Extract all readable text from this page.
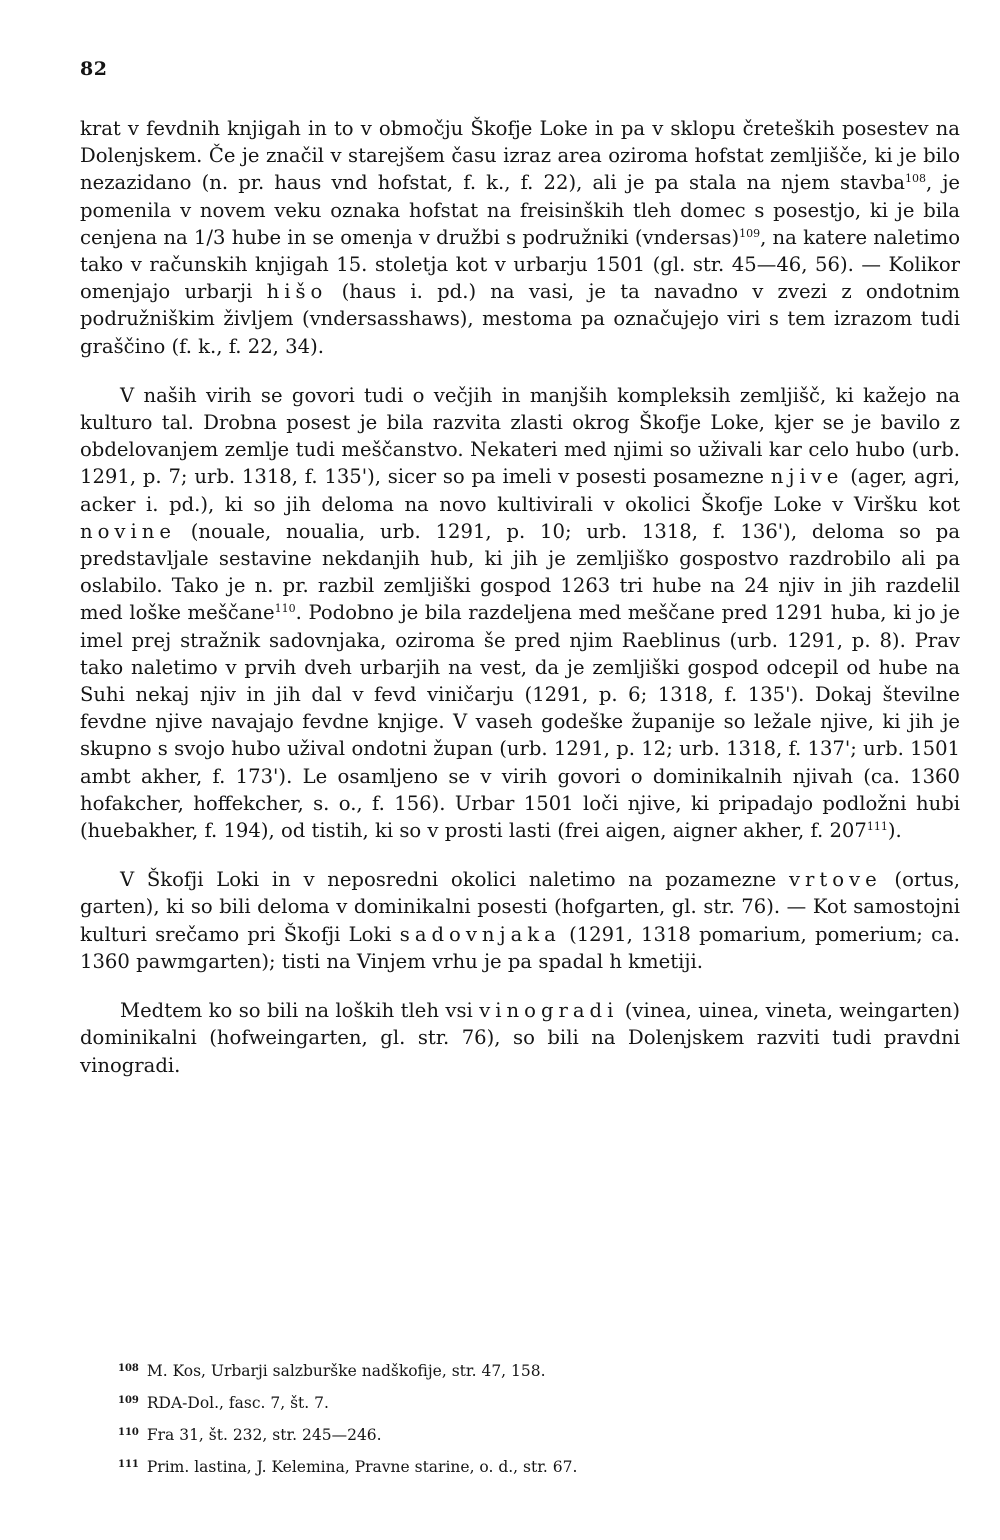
82

krat v fevdnih knjigah in to v območju Škofje Loke in pa v sklopu čreteških posestev na Dolenjskem. Če je značil v starejšem času izraz area oziroma hofstat zemljišče, ki je bilo nezazidano (n. pr. haus vnd hofstat, f. k., f. 22), ali je pa stala na njem stavba$^{108}$, je pomenila v novem veku oznaka hofstat na freisinških tleh domec s posestjo, ki je bila cenjena na 1/3 hube in se omenja v družbi s podružniki (vndersas)$^{109}$, na katere naletimo tako v računskih knjigah 15. stoletja kot v urbarju 1501 (gl. str. 45—46, 56). — Kolikor omenjajo urbarji hišo (haus i. pd.) na vasi, je ta navadno v zvezi z ondotnim podružniškim življem (vndersasshaws), mestoma pa označujejo viri s tem izrazom tudi graščino (f. k., f. 22, 34).

V naših virih se govori tudi o večjih in manjših kompleksih zemljišč, ki kažejo na kulturo tal. Drobna posest je bila razvita zlasti okrog Škofje Loke, kjer se je bavilo z obdelovanjem zemlje tudi meščanstvo. Nekateri med njimi so uživali kar celo hubo (urb. 1291, p. 7; urb. 1318, f. 135'), sicer so pa imeli v posesti posamezne njive (ager, agri, acker i. pd.), ki so jih deloma na novo kultivirali v okolici Škofje Loke v Viršku kot novine (nouale, noualia, urb. 1291, p. 10; urb. 1318, f. 136'), deloma so pa predstavljale sestavine nekdanjih hub, ki jih je zemljiško gospostvo razdrobilo ali pa oslabilo. Tako je n. pr. razbil zemljiški gospod 1263 tri hube na 24 njiv in jih razdelil med loške meščane$^{110}$. Podobno je bila razdeljena med meščane pred 1291 huba, ki jo je imel prej stražnik sadovnjaka, oziroma še pred njim Raeblinus (urb. 1291, p. 8). Prav tako naletimo v prvih dveh urbarjih na vest, da je zemljiški gospod odcepil od hube na Suhi nekaj njiv in jih dal v fevd viničarju (1291, p. 6; 1318, f. 135'). Dokaj številne fevdne njive navajajo fevdne knjige. V vaseh godeške županije so ležale njive, ki jih je skupno s svojo hubo užival ondotni župan (urb. 1291, p. 12; urb. 1318, f. 137'; urb. 1501 ambt akher, f. 173'). Le osamljeno se v virih govori o dominikalnih njivah (ca. 1360 hofakcher, hoffekcher, s. o., f. 156). Urbar 1501 loči njive, ki pripadajo podložni hubi (huebakher, f. 194), od tistih, ki so v prosti lasti (frei aigen, aigner akher, f. $207^{111}$).

V Škofji Loki in v neposredni okolici naletimo na pozamezne vrtove (ortus, garten), ki so bili deloma v dominikalni posesti (hofgarten, gl. str. 76). — Kot samostojni kulturi srečamo pri Škofji Loki sadovnjaka (1291, 1318 pomarium, pomerium; ca. 1360 pawmgarten); tisti na Vinjem vrhu je pa spadal h kmetiji.

Medtem ko so bili na loških tleh vsi vinogradi (vinea, uinea, vineta, weingarten) dominikalni (hofweingarten, gl. str. 76), so bili na Dolenjskem razviti tudi pravdni vinogradi.

$^{108}$ M. Kos, Urbarji salzburške nadškofije, str. 47, 158.
$^{109}$ RDA-Dol., fasc. 7, št. 7.
$^{110}$ Fra 31, št. 232, str. 245—246.
$^{111}$ Prim. lastina, J. Kelemina, Pravne starine, o. d., str. 67.
